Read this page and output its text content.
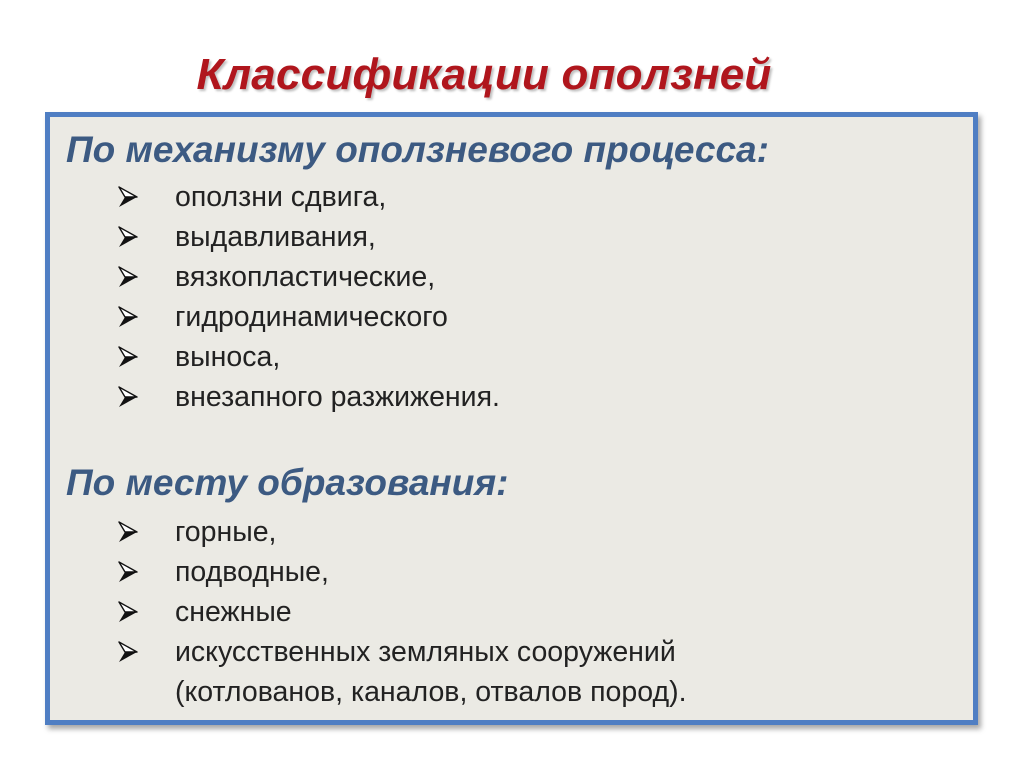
Классификации оползней
По механизму оползневого процесса:
оползни сдвига,
выдавливания,
вязкопластические,
гидродинамического
выноса,
внезапного разжижения.
По месту образования:
горные,
подводные,
снежные
искусственных земляных сооружений
(котлованов, каналов, отвалов пород).
